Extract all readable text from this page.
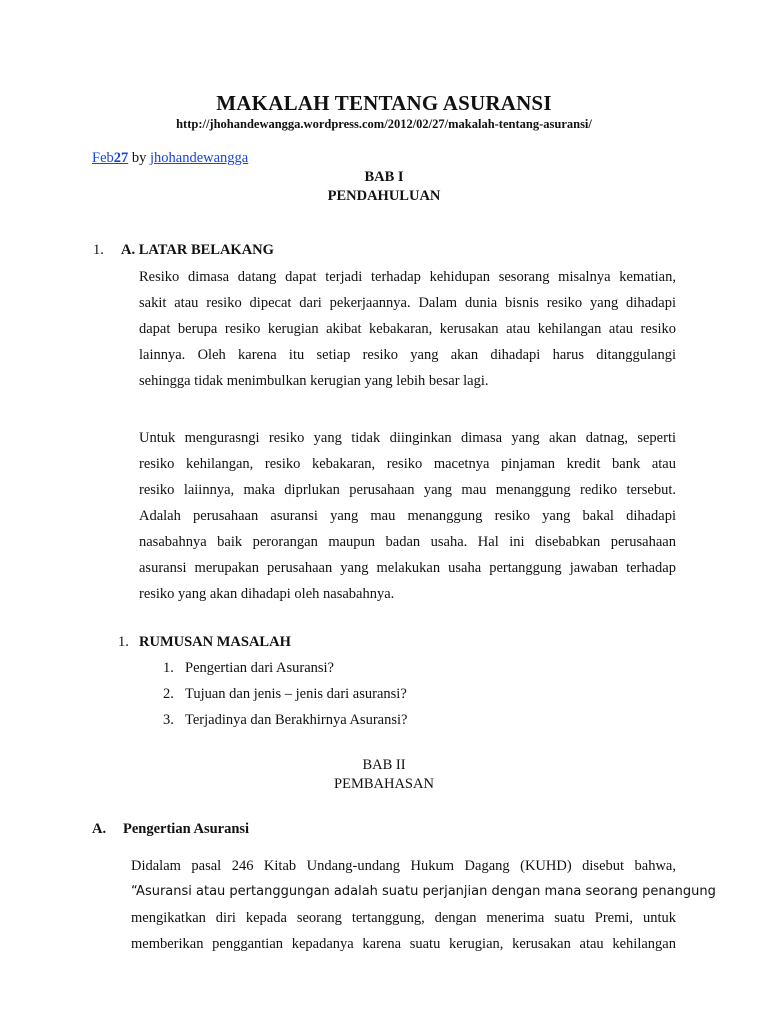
MAKALAH TENTANG ASURANSI
http://jhohandewangga.wordpress.com/2012/02/27/makalah-tentang-asuransi/
Feb27 by jhohandewangga
BAB I
PENDAHULUAN
1. A. LATAR BELAKANG
Resiko dimasa datang dapat terjadi terhadap kehidupan sesorang misalnya kematian,
sakit atau resiko dipecat dari pekerjaannya. Dalam dunia bisnis resiko yang dihadapi
dapat berupa resiko kerugian akibat kebakaran, kerusakan atau kehilangan atau resiko
lainnya. Oleh karena itu setiap resiko yang akan dihadapi harus ditanggulangi
sehingga tidak menimbulkan kerugian yang lebih besar lagi.
Untuk mengurasngi resiko yang tidak diinginkan dimasa yang akan datnag, seperti
resiko kehilangan, resiko kebakaran, resiko macetnya pinjaman kredit bank atau
resiko laiinnya, maka diprlukan perusahaan yang mau menanggung rediko tersebut.
Adalah perusahaan asuransi yang mau menanggung resiko yang bakal dihadapi
nasabahnya baik perorangan maupun badan usaha. Hal ini disebabkan perusahaan
asuransi merupakan perusahaan yang melakukan usaha pertanggung jawaban terhadap
resiko yang akan dihadapi oleh nasabahnya.
1. RUMUSAN MASALAH
1. Pengertian dari Asuransi?
2. Tujuan dan jenis – jenis dari asuransi?
3. Terjadinya dan Berakhirnya Asuransi?
BAB II
PEMBAHASAN
A. Pengertian Asuransi
Didalam pasal 246 Kitab Undang-undang Hukum Dagang (KUHD) disebut bahwa,
“Asuransi atau pertanggungan adalah suatu perjanjian dengan mana seorang penangung
mengikatkan diri kepada seorang tertanggung, dengan menerima suatu Premi, untuk
memberikan penggantian kepadanya karena suatu kerugian, kerusakan atau kehilangan
